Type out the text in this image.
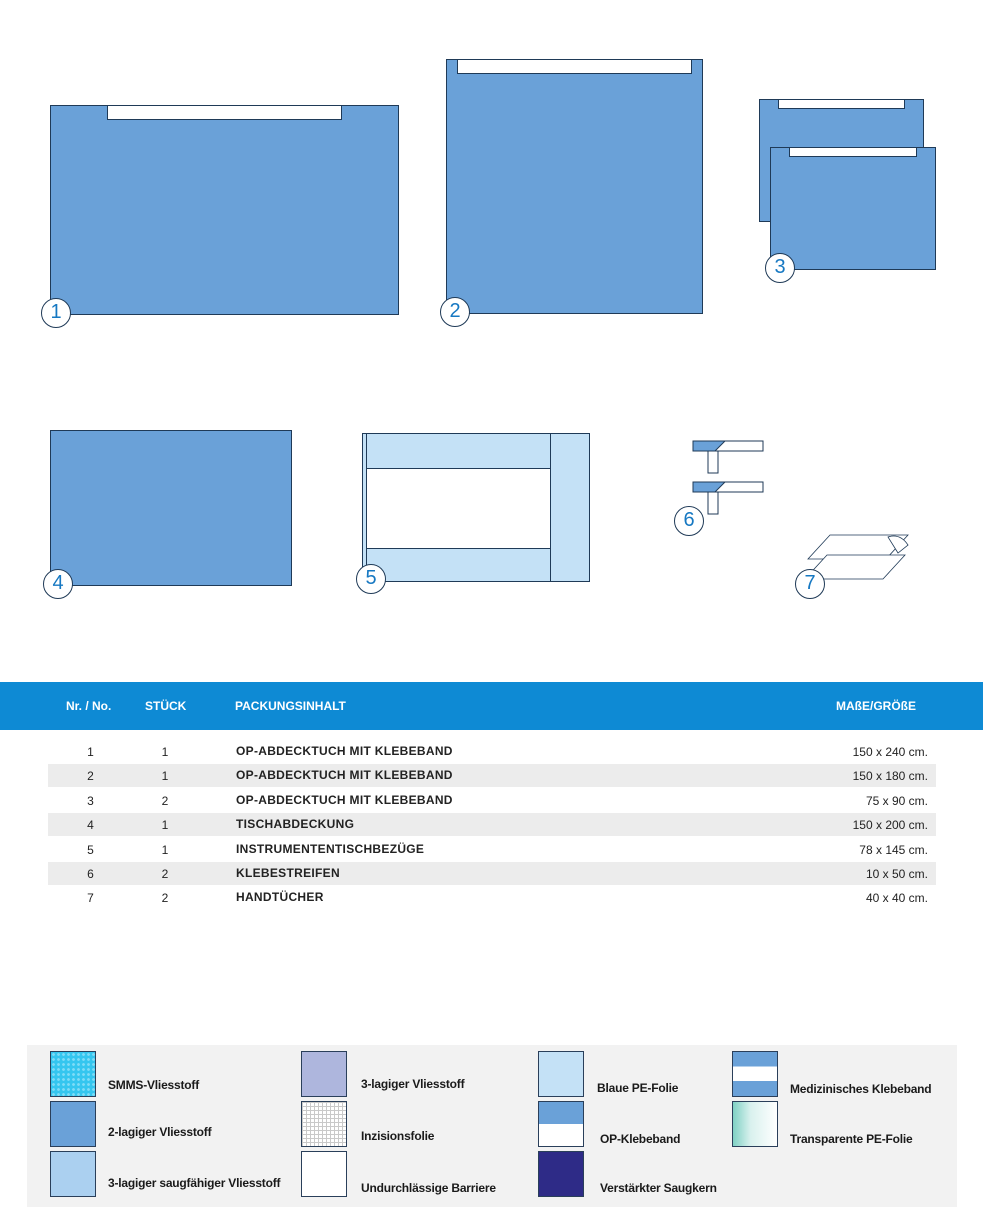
1	2
3
4	5
6
7
Nr. / No.	STÜCK	PACKUNGSINHALT	MAßE/GRÖßE
1	1	OP-ABDECKTUCH MIT KLEBEBAND	150 x 240 cm.
2	1	OP-ABDECKTUCH MIT KLEBEBAND	150 x 180 cm.
3	2	OP-ABDECKTUCH MIT KLEBEBAND	75 x 90 cm.
4	1	TISCHABDECKUNG	150 x 200 cm.
5	1	INSTRUMENTENTISCHBEZÜGE	78 x 145 cm.
6	2	KLEBESTREIFEN	10 x 50 cm.
7	2	HANDTÜCHER	40 x 40 cm.
SMMS-Vliesstoff
2-lagiger Vliesstoff
3-lagiger saugfähiger Vliesstoff
3-lagiger Vliesstoff
Inzisionsfolie
Undurchlässige Barriere
Blaue PE-Folie
OP-Klebeband
Verstärkter Saugkern
Medizinisches Klebeband
Transparente PE-Folie
